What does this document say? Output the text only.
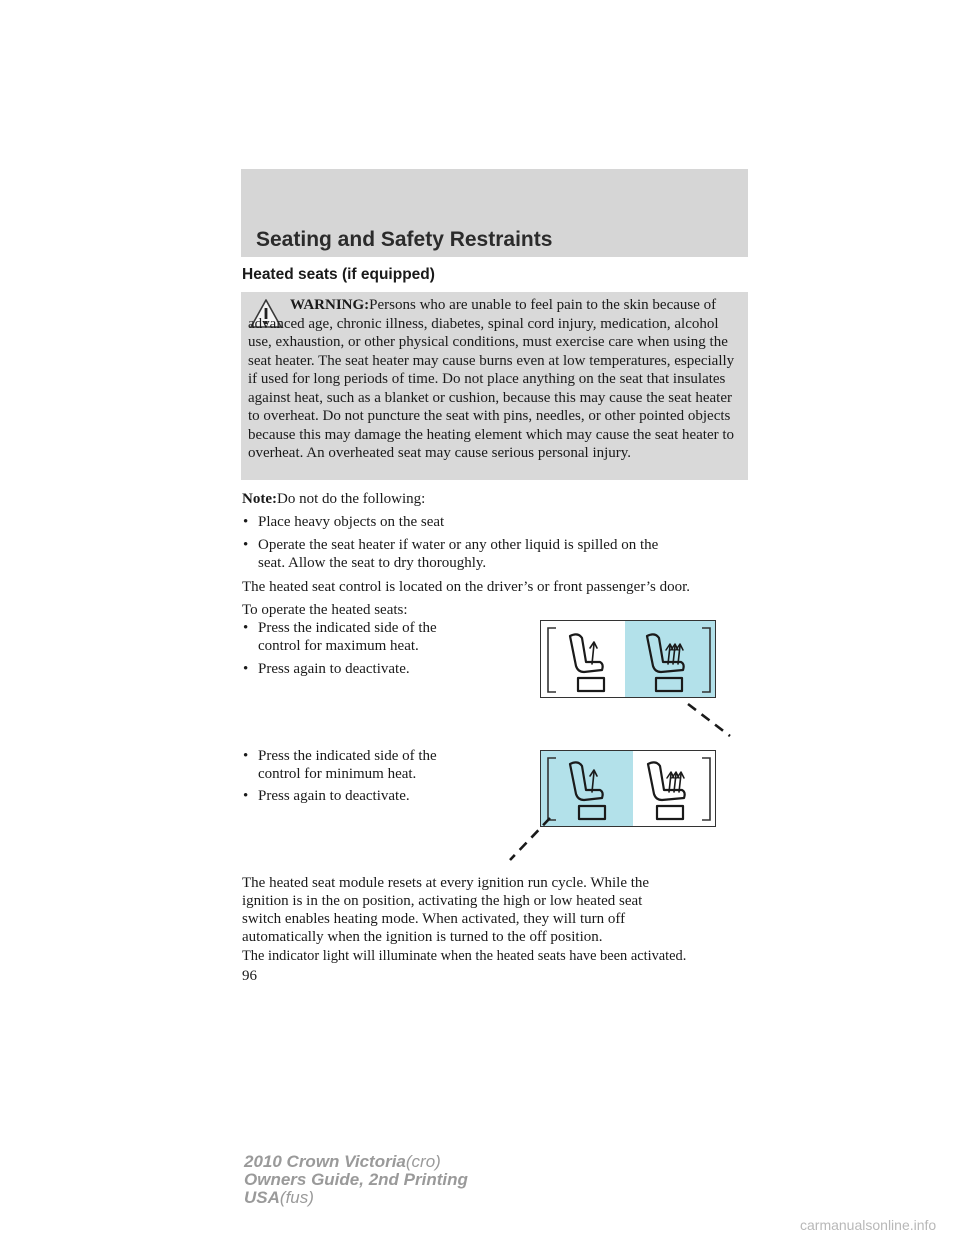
Seating and Safety Restraints
Heated seats (if equipped)
WARNING:Persons who are unable to feel pain to the skin because of advanced age, chronic illness, diabetes, spinal cord injury, medication, alcohol use, exhaustion, or other physical conditions, must exercise care when using the seat heater. The seat heater may cause burns even at low temperatures, especially if used for long periods of time. Do not place anything on the seat that insulates against heat, such as a blanket or cushion, because this may cause the seat heater to overheat. Do not puncture the seat with pins, needles, or other pointed objects because this may damage the heating element which may cause the seat heater to overheat. An overheated seat may cause serious personal injury.
Note:Do not do the following:
• Place heavy objects on the seat
• Operate the seat heater if water or any other liquid is spilled on the
seat. Allow the seat to dry thoroughly.
The heated seat control is located on the driver’s or front passenger’s door.
To operate the heated seats:
• Press the indicated side of the
control for maximum heat.
• Press again to deactivate.
• Press the indicated side of the
control for minimum heat.
• Press again to deactivate.
The heated seat module resets at every ignition run cycle. While the
ignition is in the on position, activating the high or low heated seat
switch enables heating mode. When activated, they will turn off
automatically when the ignition is turned to the off position.
The indicator light will illuminate when the heated seats have been activated.
96
2010 Crown Victoria(cro)
Owners Guide, 2nd Printing
USA(fus)
carmanualsonline.info
